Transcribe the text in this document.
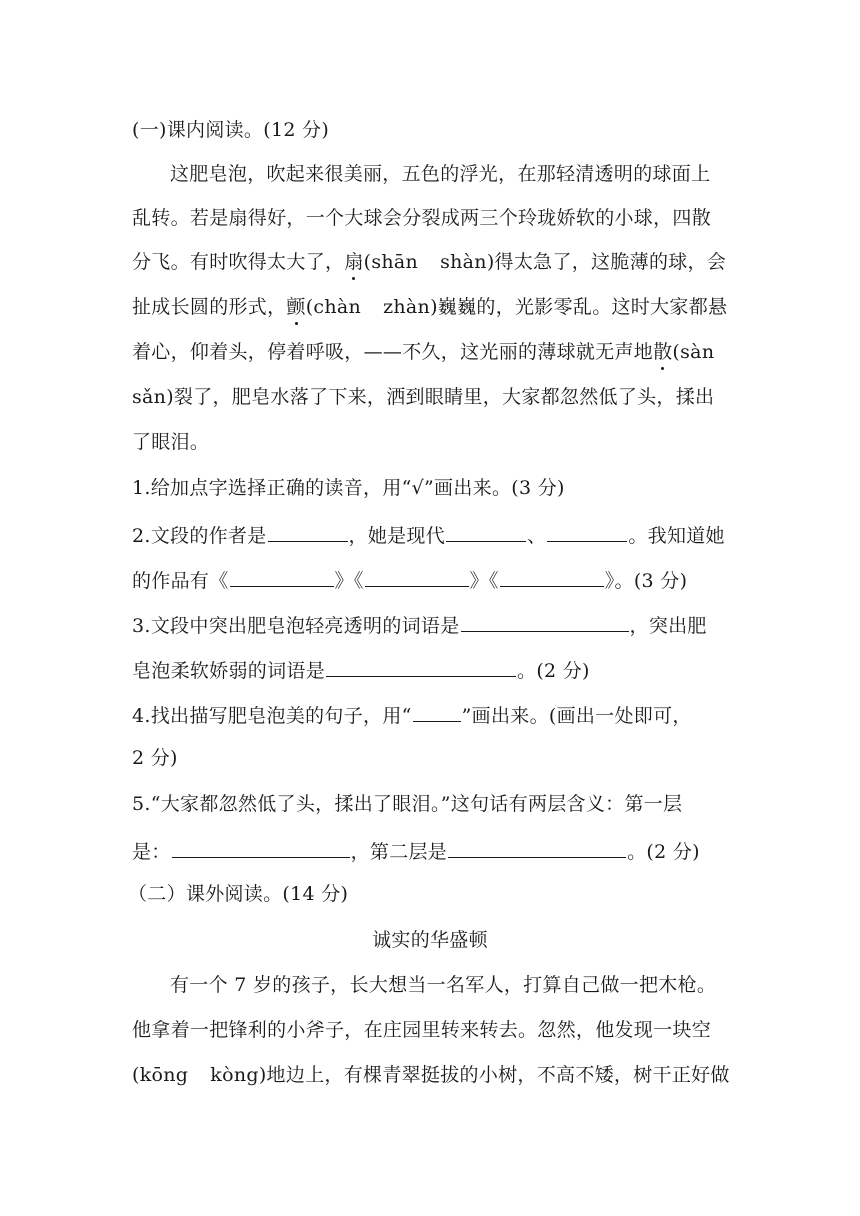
(一)课内阅读。(12 分)
这肥皂泡，吹起来很美丽，五色的浮光，在那轻清透明的球面上
乱转。若是扇得好，一个大球会分裂成两三个玲珑娇软的小球，四散
分飞。有时吹得太大了，扇(shān shàn)得太急了，这脆薄的球，会
扯成长圆的形式，颤(chàn zhàn)巍巍的，光影零乱。这时大家都悬
着心，仰着头，停着呼吸，——不久，这光丽的薄球就无声地散(sàn
sǎn)裂了，肥皂水落了下来，洒到眼睛里，大家都忽然低了头，揉出
了眼泪。
1.给加点字选择正确的读音，用“√”画出来。(3 分)
2.文段的作者是	，她是现代	、	。我知道她
的作品有《	》《	》《	》。(3 分)
3.文段中突出肥皂泡轻亮透明的词语是	，突出肥
皂泡柔软娇弱的词语是	。(2 分)
4.找出描写肥皂泡美的句子，用“	”画出来。(画出一处即可，
2 分)
5.“大家都忽然低了头，揉出了眼泪。”这句话有两层含义：第一层
是：	，第二层是	。(2 分)
（二）课外阅读。(14 分)
诚实的华盛顿
有一个 7 岁的孩子，长大想当一名军人，打算自己做一把木枪。
他拿着一把锋利的小斧子，在庄园里转来转去。忽然，他发现一块空
(kōng kòng)地边上，有棵青翠挺拔的小树，不高不矮，树干正好做
